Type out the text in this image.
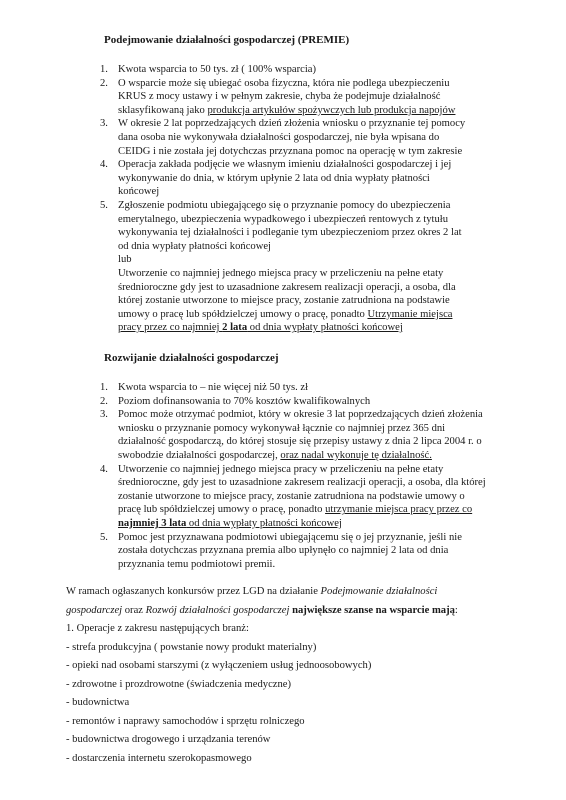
Podejmowanie działalności gospodarczej (PREMIE)
1. Kwota wsparcia to 50 tys. zł ( 100% wsparcia)
2. O wsparcie może się ubiegać osoba fizyczna, która nie podlega ubezpieczeniu
KRUS z mocy ustawy i w pełnym zakresie, chyba że podejmuje działalność
sklasyfikowaną jako produkcja artykułów spożywczych lub produkcja napojów
3. W okresie 2 lat poprzedzających dzień złożenia wniosku o przyznanie tej pomocy
dana osoba nie wykonywała działalności gospodarczej, nie była wpisana do
CEIDG i nie została jej dotychczas przyznana pomoc na operację w tym zakresie
4. Operacja zakłada podjęcie we własnym imieniu działalności gospodarczej i jej
wykonywanie do dnia, w którym upłynie 2 lata od dnia wypłaty płatności
końcowej
5. Zgłoszenie podmiotu ubiegającego się o przyznanie pomocy do ubezpieczenia
emerytalnego, ubezpieczenia wypadkowego i ubezpieczeń rentowych z tytułu
wykonywania tej działalności i podleganie tym ubezpieczeniom przez okres 2 lat
od dnia wypłaty płatności końcowej
lub
Utworzenie co najmniej jednego miejsca pracy w przeliczeniu na pełne etaty
średnioroczne gdy jest to uzasadnione zakresem realizacji operacji, a osoba, dla
której zostanie utworzone to miejsce pracy, zostanie zatrudniona na podstawie
umowy o pracę lub spółdzielczej umowy o pracę, ponadto Utrzymanie miejsca
pracy przez co najmniej 2 lata od dnia wypłaty płatności końcowej
Rozwijanie działalności gospodarczej
1. Kwota wsparcia to – nie więcej niż 50 tys. zł
2. Poziom dofinansowania to 70% kosztów kwalifikowalnych
3. Pomoc może otrzymać podmiot, który w okresie 3 lat poprzedzających dzień złożenia
wniosku o przyznanie pomocy wykonywał łącznie co najmniej przez 365 dni
działalność gospodarczą, do której stosuje się przepisy ustawy z dnia 2 lipca 2004 r. o
swobodzie działalności gospodarczej, oraz nadal wykonuje tę działalność.
4. Utworzenie co najmniej jednego miejsca pracy w przeliczeniu na pełne etaty
średnioroczne, gdy jest to uzasadnione zakresem realizacji operacji, a osoba, dla której
zostanie utworzone to miejsce pracy, zostanie zatrudniona na podstawie umowy o
pracę lub spółdzielczej umowy o pracę, ponadto utrzymanie miejsca pracy przez co
najmniej 3 lata od dnia wypłaty płatności końcowej
5. Pomoc jest przyznawana podmiotowi ubiegającemu się o jej przyznanie, jeśli nie
została dotychczas przyznana premia albo upłynęło co najmniej 2 lata od dnia
przyznania temu podmiotowi premii.
W ramach ogłaszanych konkursów przez LGD na działanie Podejmowanie działalności
gospodarczej oraz Rozwój działalności gospodarczej największe szanse na wsparcie mają:
1. Operacje z zakresu następujących branż:
- strefa produkcyjna ( powstanie nowy produkt materialny)
- opieki nad osobami starszymi (z wyłączeniem usług jednoosobowych)
- zdrowotne i prozdrowotne (świadczenia medyczne)
- budownictwa
- remontów i naprawy samochodów i sprzętu rolniczego
- budownictwa drogowego i urządzania terenów
- dostarczenia internetu szerokopasmowego
